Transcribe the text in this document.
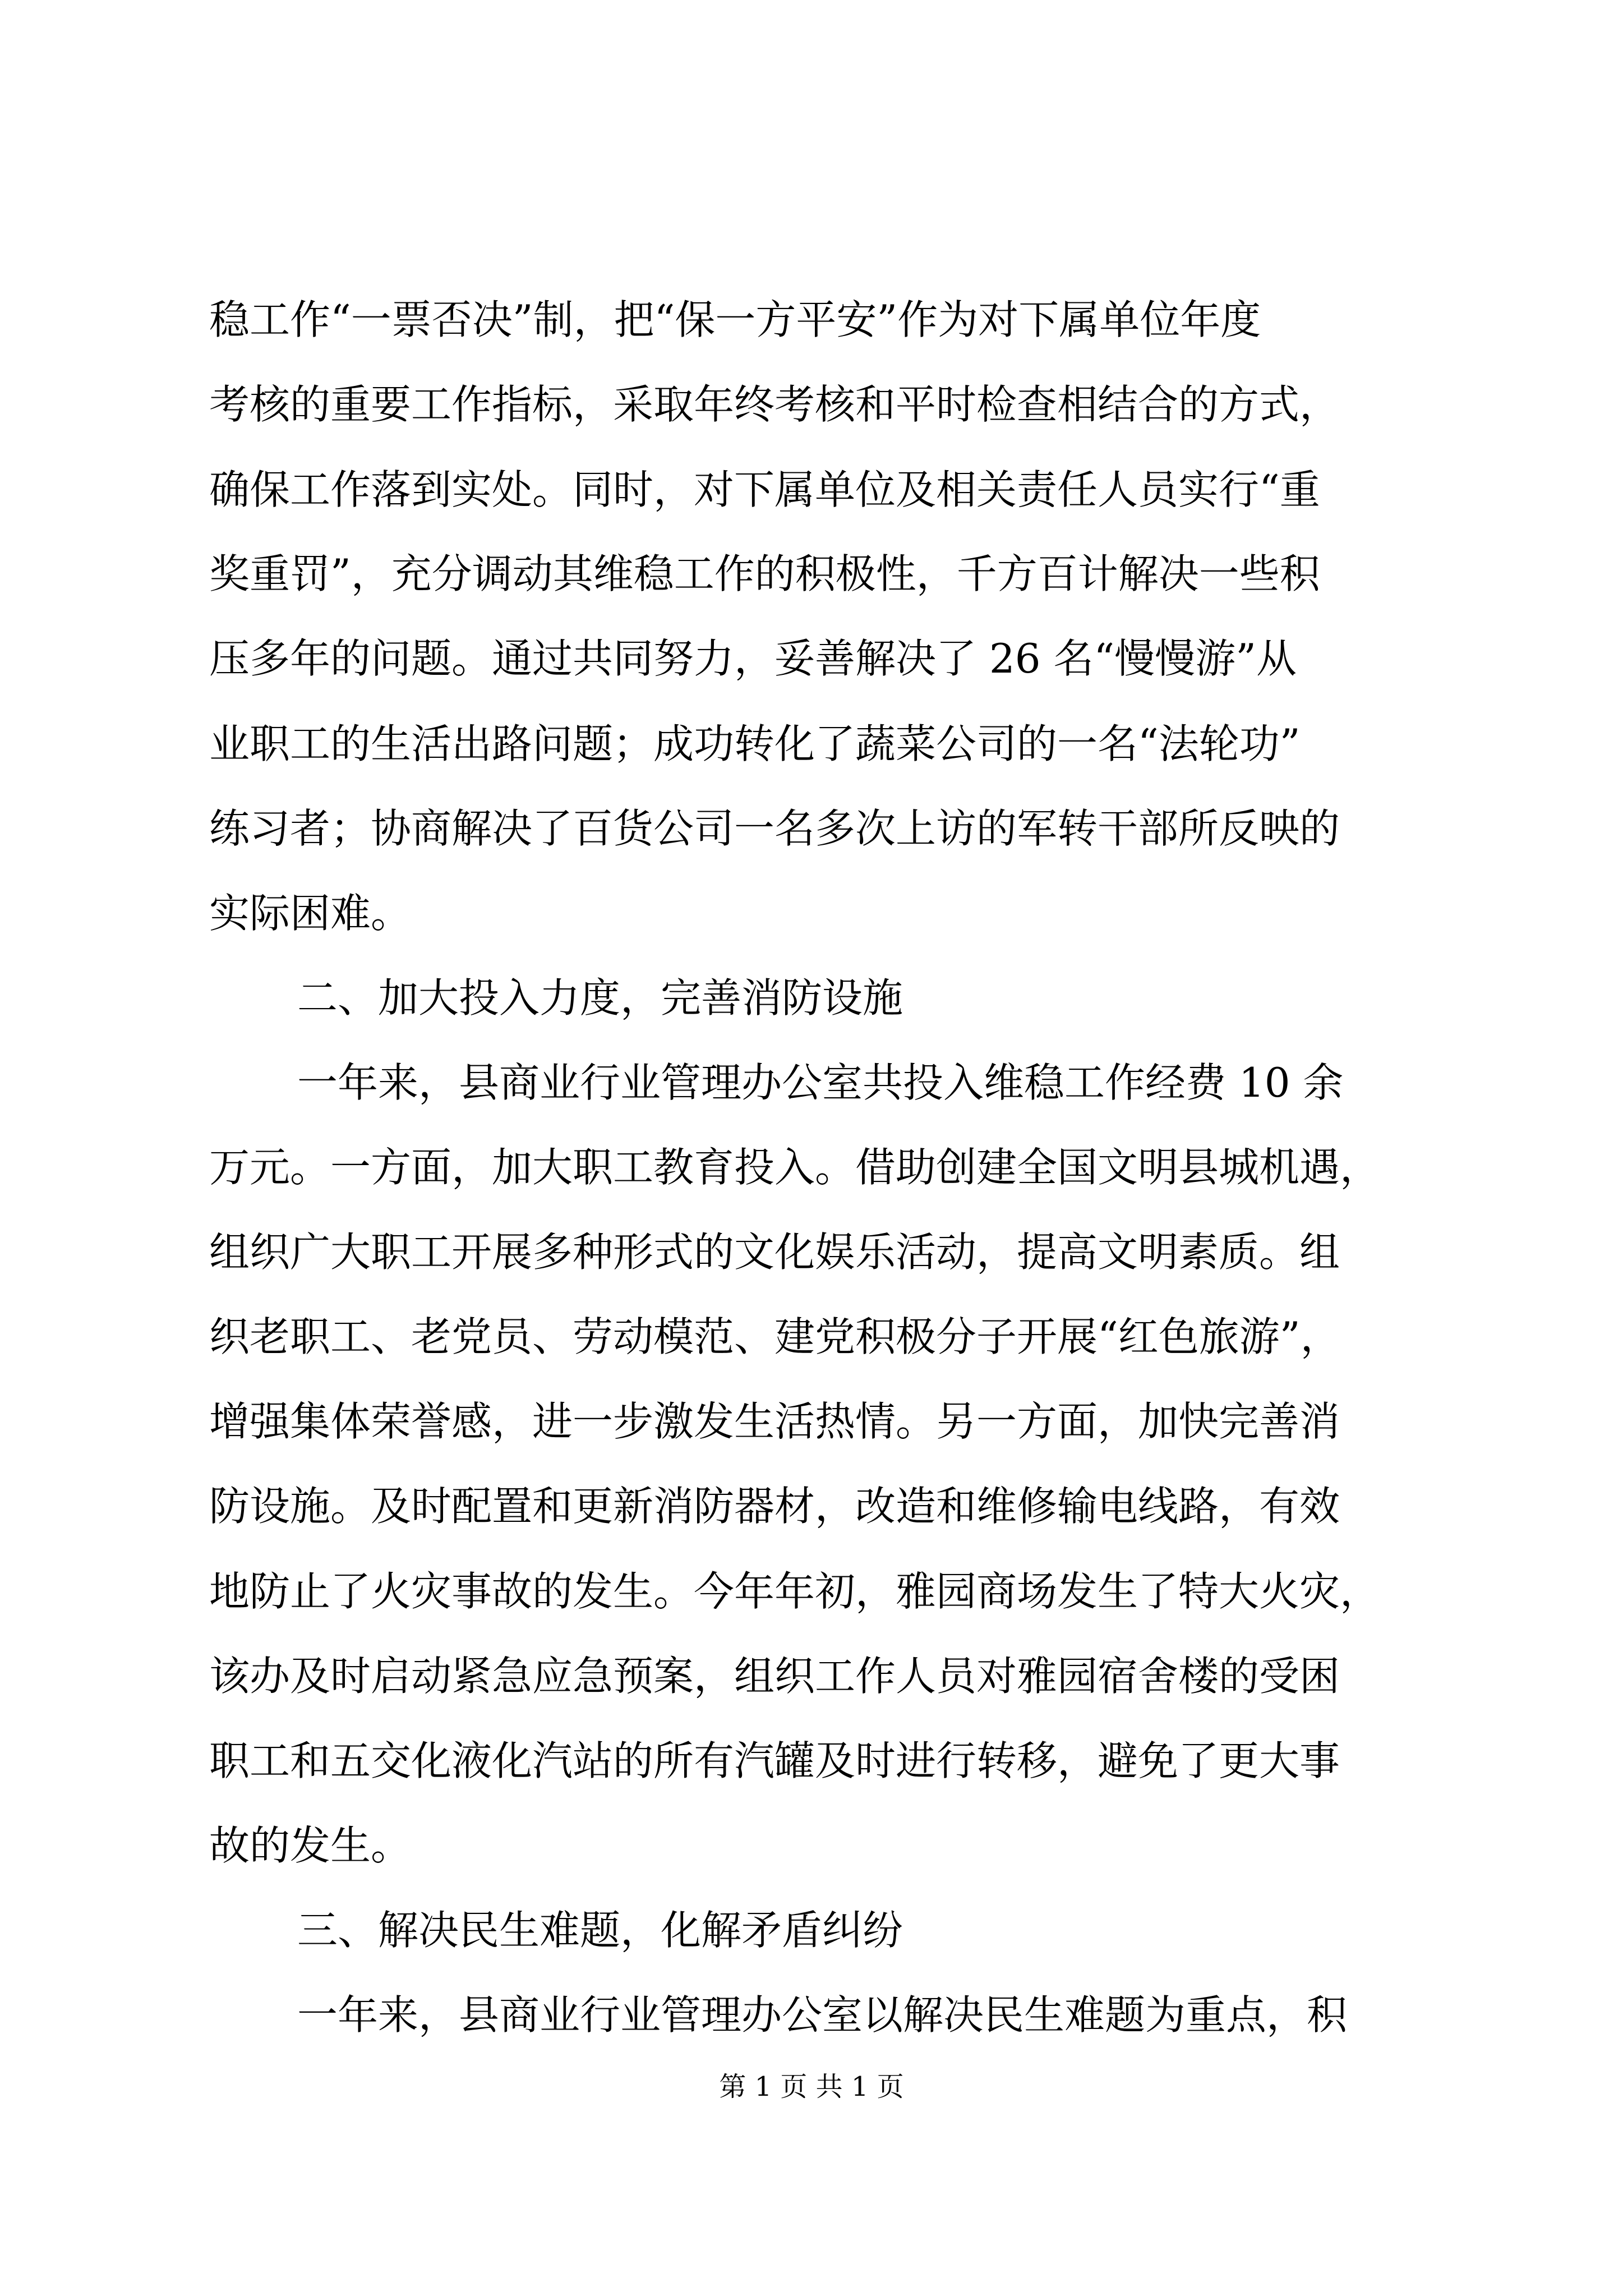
稳工作“一票否决”制，把“保一方平安”作为对下属单位年度
考核的重要工作指标，采取年终考核和平时检查相结合的方式，
确保工作落到实处。同时，对下属单位及相关责任人员实行“重
奖重罚”，充分调动其维稳工作的积极性，千方百计解决一些积
压多年的问题。通过共同努力，妥善解决了 26 名“慢慢游”从
业职工的生活出路问题；成功转化了蔬菜公司的一名“法轮功”
练习者；协商解决了百货公司一名多次上访的军转干部所反映的
实际困难。
二、加大投入力度，完善消防设施
一年来，县商业行业管理办公室共投入维稳工作经费 10 余
万元。一方面，加大职工教育投入。借助创建全国文明县城机遇，
组织广大职工开展多种形式的文化娱乐活动，提高文明素质。组
织老职工、老党员、劳动模范、建党积极分子开展“红色旅游”，
增强集体荣誉感，进一步激发生活热情。另一方面，加快完善消
防设施。及时配置和更新消防器材，改造和维修输电线路，有效
地防止了火灾事故的发生。今年年初，雅园商场发生了特大火灾，
该办及时启动紧急应急预案，组织工作人员对雅园宿舍楼的受困
职工和五交化液化汽站的所有汽罐及时进行转移，避免了更大事
故的发生。
三、解决民生难题，化解矛盾纠纷
一年来，县商业行业管理办公室以解决民生难题为重点，积
第 1 页 共 1 页
